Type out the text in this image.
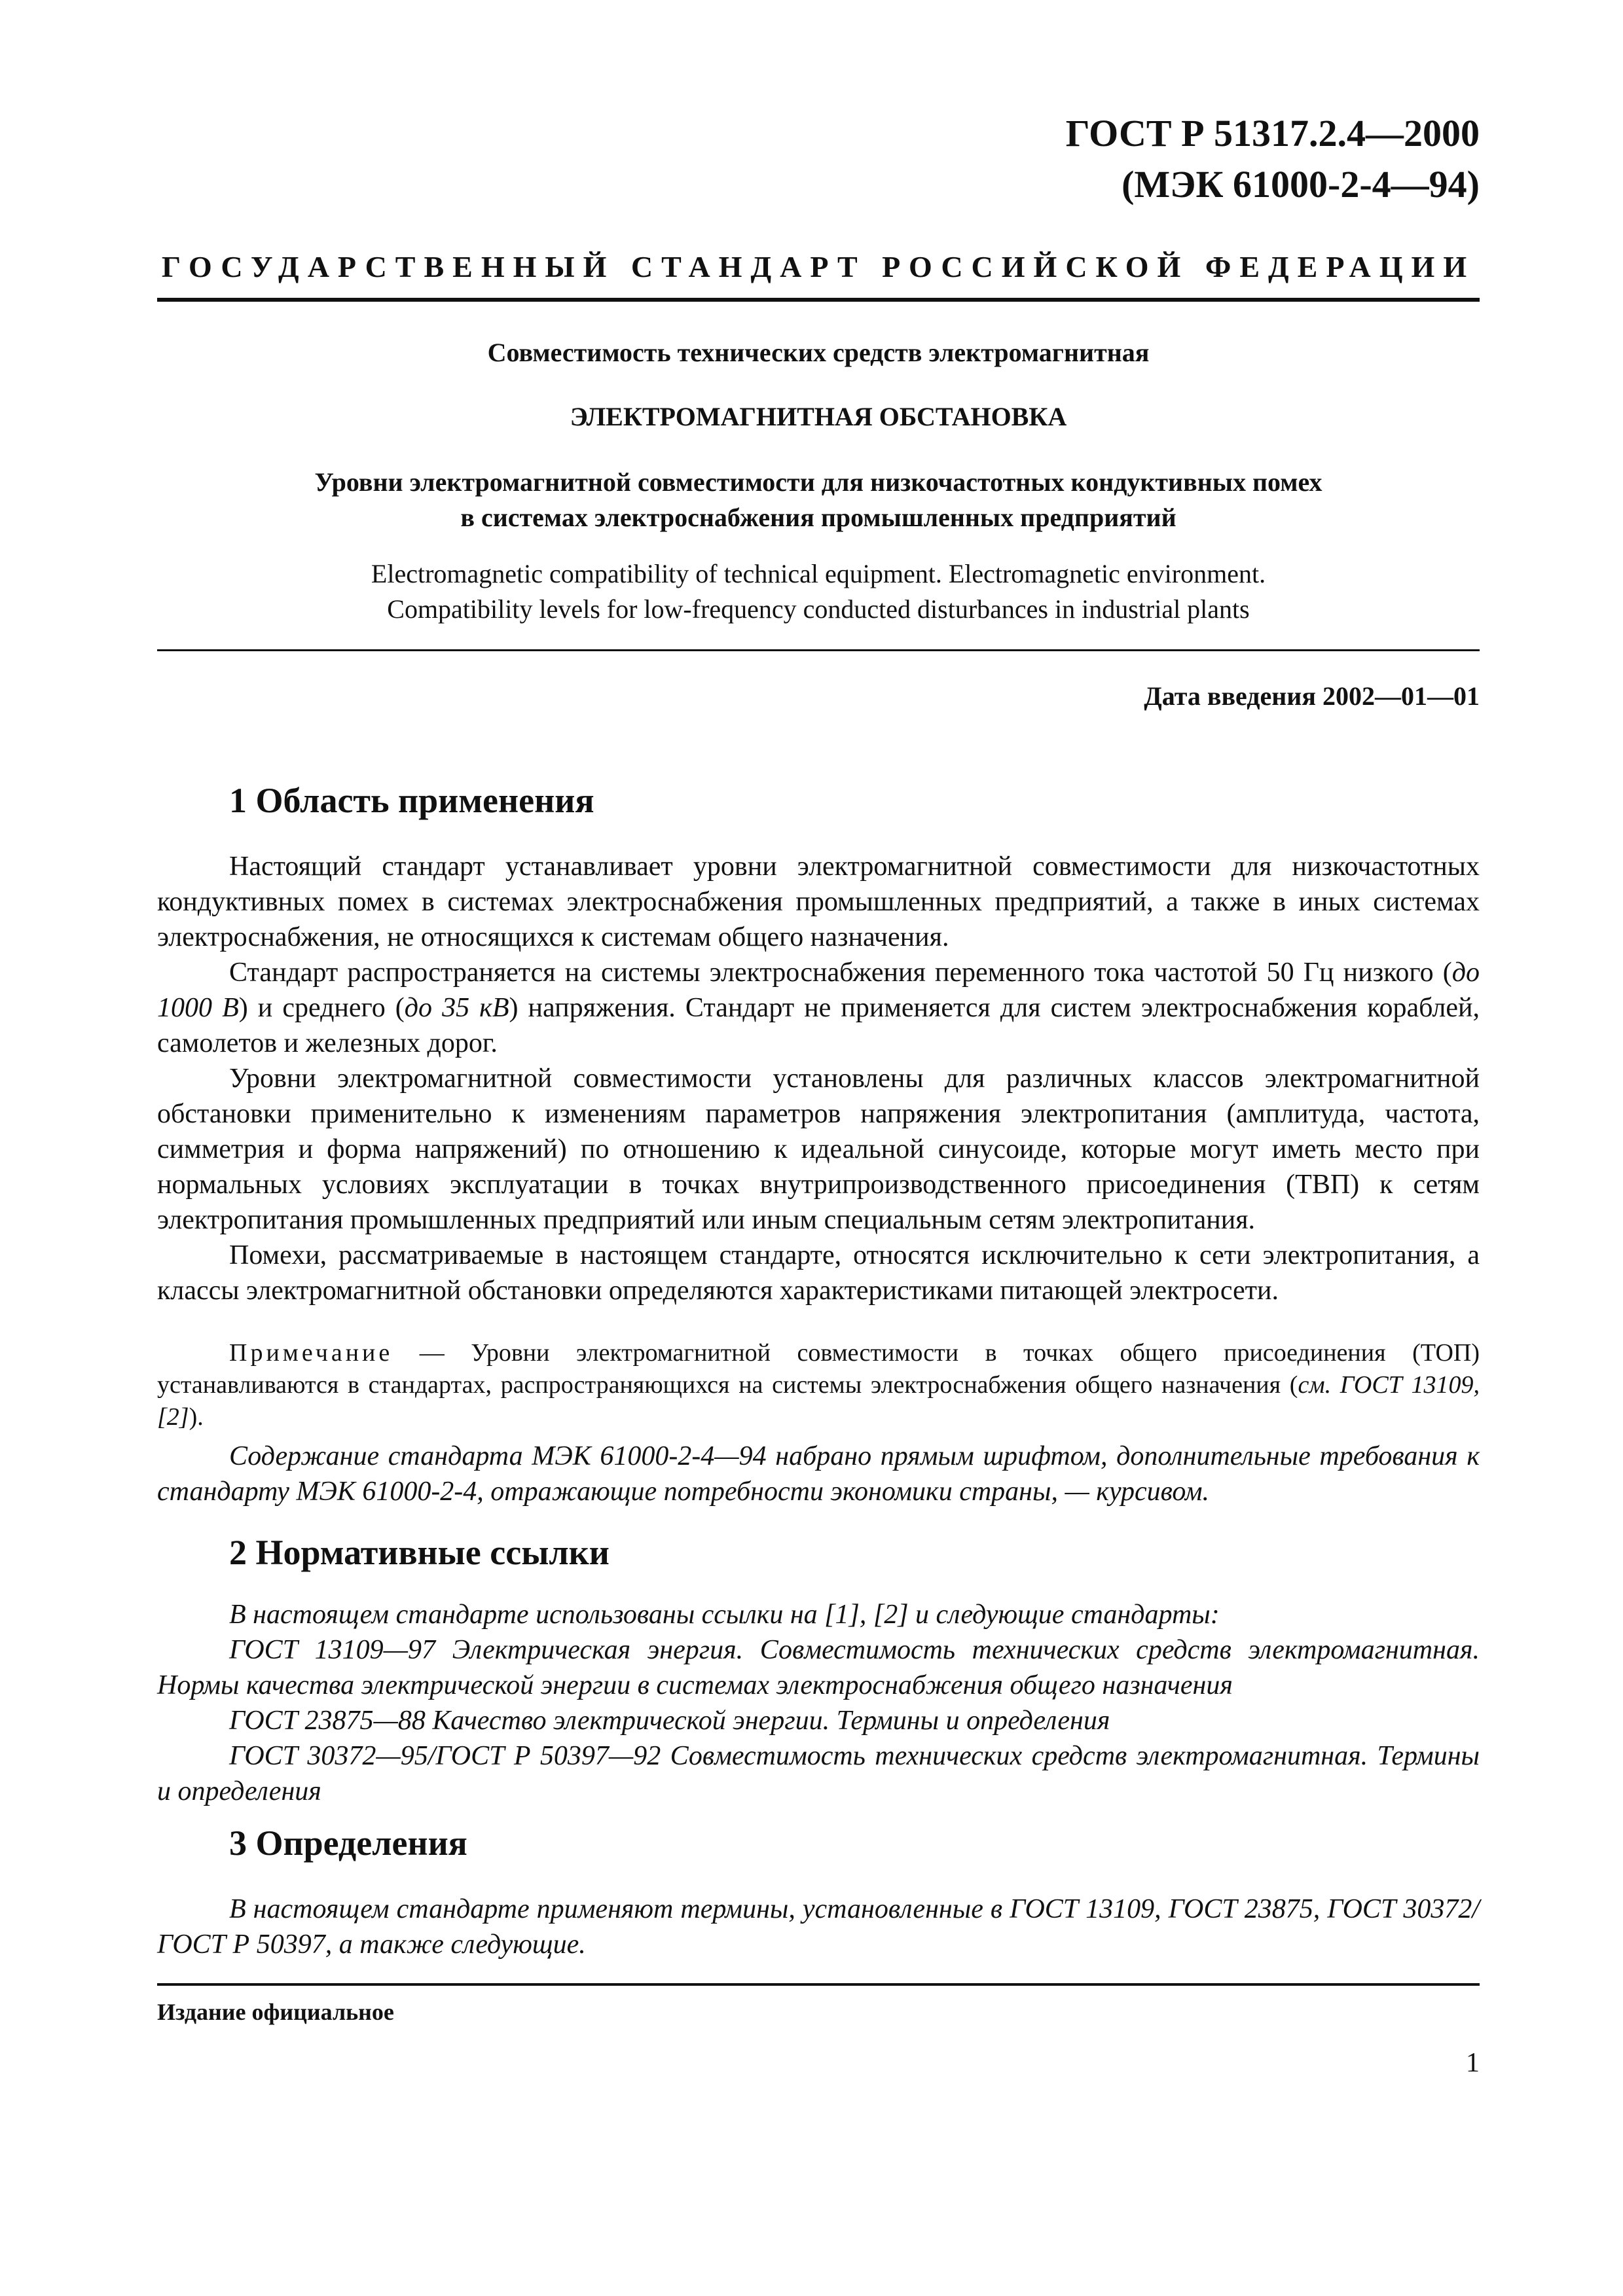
ГОСТ Р 51317.2.4—2000
(МЭК 61000-2-4—94)
ГОСУДАРСТВЕННЫЙ СТАНДАРТ РОССИЙСКОЙ ФЕДЕРАЦИИ
Совместимость технических средств электромагнитная
ЭЛЕКТРОМАГНИТНАЯ ОБСТАНОВКА
Уровни электромагнитной совместимости для низкочастотных кондуктивных помех
в системах электроснабжения промышленных предприятий
Electromagnetic compatibility of technical equipment. Electromagnetic environment.
Compatibility levels for low-frequency conducted disturbances in industrial plants
Дата введения 2002—01—01
1 Область применения

Настоящий стандарт устанавливает уровни электромагнитной совместимости для низкочастотных кондуктивных помех в системах электроснабжения промышленных предприятий, а также в иных системах электроснабжения, не относящихся к системам общего назначения.

Стандарт распространяется на системы электроснабжения переменного тока частотой 50 Гц низкого (до 1000 В) и среднего (до 35 кВ) напряжения. Стандарт не применяется для систем электроснабжения кораблей, самолетов и железных дорог.

Уровни электромагнитной совместимости установлены для различных классов электромагнитной обстановки применительно к изменениям параметров напряжения электропитания (амплитуда, частота, симметрия и форма напряжений) по отношению к идеальной синусоиде, которые могут иметь место при нормальных условиях эксплуатации в точках внутрипроизводственного присоединения (ТВП) к сетям электропитания промышленных предприятий или иным специальным сетям электропитания.

Помехи, рассматриваемые в настоящем стандарте, относятся исключительно к сети электропитания, а классы электромагнитной обстановки определяются характеристиками питающей электросети.

Примечание — Уровни электромагнитной совместимости в точках общего присоединения (ТОП) устанавливаются в стандартах, распространяющихся на системы электроснабжения общего назначения (см. ГОСТ 13109, [2]).

Содержание стандарта МЭК 61000-2-4—94 набрано прямым шрифтом, дополнительные требования к стандарту МЭК 61000-2-4, отражающие потребности экономики страны, — курсивом.

2 Нормативные ссылки

В настоящем стандарте использованы ссылки на [1], [2] и следующие стандарты:

ГОСТ 13109—97 Электрическая энергия. Совместимость технических средств электромагнитная. Нормы качества электрической энергии в системах электроснабжения общего назначения

ГОСТ 23875—88 Качество электрической энергии. Термины и определения

ГОСТ 30372—95/ГОСТ Р 50397—92 Совместимость технических средств электромагнитная. Термины и определения

3 Определения

В настоящем стандарте применяют термины, установленные в ГОСТ 13109, ГОСТ 23875, ГОСТ 30372/ГОСТ Р 50397, а также следующие.

Издание официальное
1
